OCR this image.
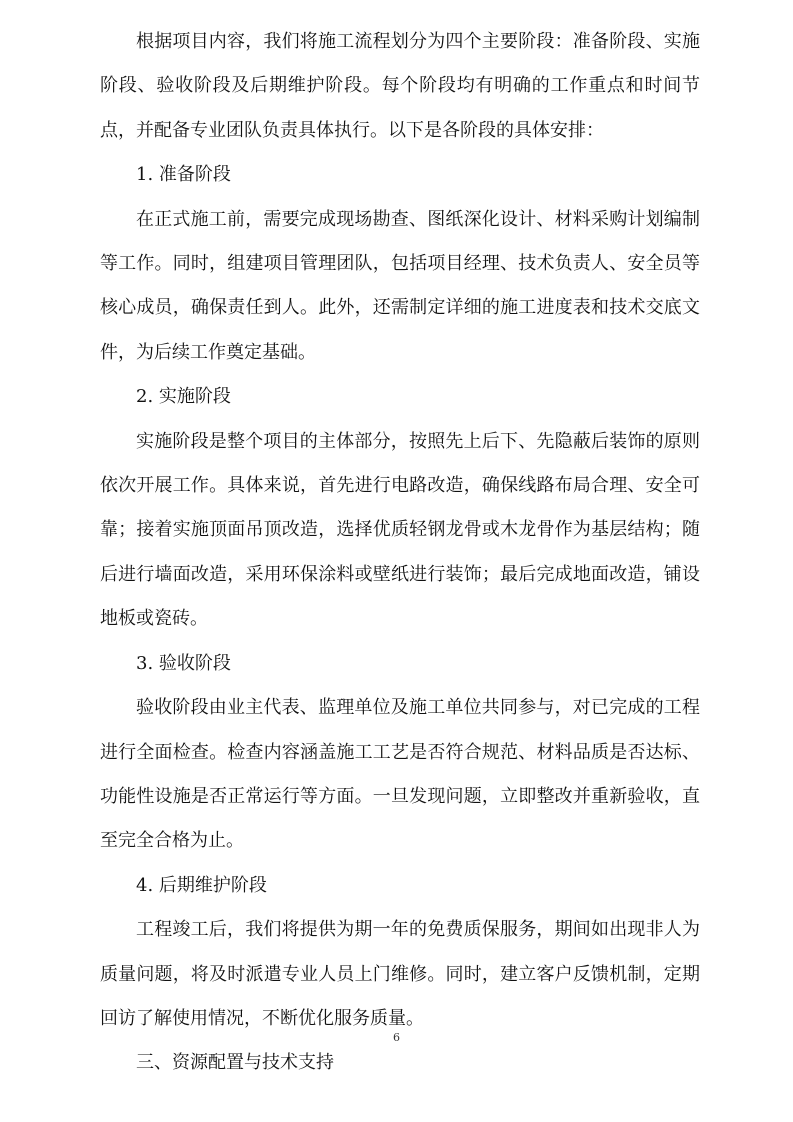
根据项目内容，我们将施工流程划分为四个主要阶段：准备阶段、实施阶段、验收阶段及后期维护阶段。每个阶段均有明确的工作重点和时间节点，并配备专业团队负责具体执行。以下是各阶段的具体安排：

1. 准备阶段

在正式施工前，需要完成现场勘查、图纸深化设计、材料采购计划编制等工作。同时，组建项目管理团队，包括项目经理、技术负责人、安全员等核心成员，确保责任到人。此外，还需制定详细的施工进度表和技术交底文件，为后续工作奠定基础。

2. 实施阶段

实施阶段是整个项目的主体部分，按照先上后下、先隐蔽后装饰的原则依次开展工作。具体来说，首先进行电路改造，确保线路布局合理、安全可靠；接着实施顶面吊顶改造，选择优质轻钢龙骨或木龙骨作为基层结构；随后进行墙面改造，采用环保涂料或壁纸进行装饰；最后完成地面改造，铺设地板或瓷砖。

3. 验收阶段

验收阶段由业主代表、监理单位及施工单位共同参与，对已完成的工程进行全面检查。检查内容涵盖施工工艺是否符合规范、材料品质是否达标、功能性设施是否正常运行等方面。一旦发现问题，立即整改并重新验收，直至完全合格为止。

4. 后期维护阶段

工程竣工后，我们将提供为期一年的免费质保服务，期间如出现非人为质量问题，将及时派遣专业人员上门维修。同时，建立客户反馈机制，定期回访了解使用情况，不断优化服务质量。

三、资源配置与技术支持

6
